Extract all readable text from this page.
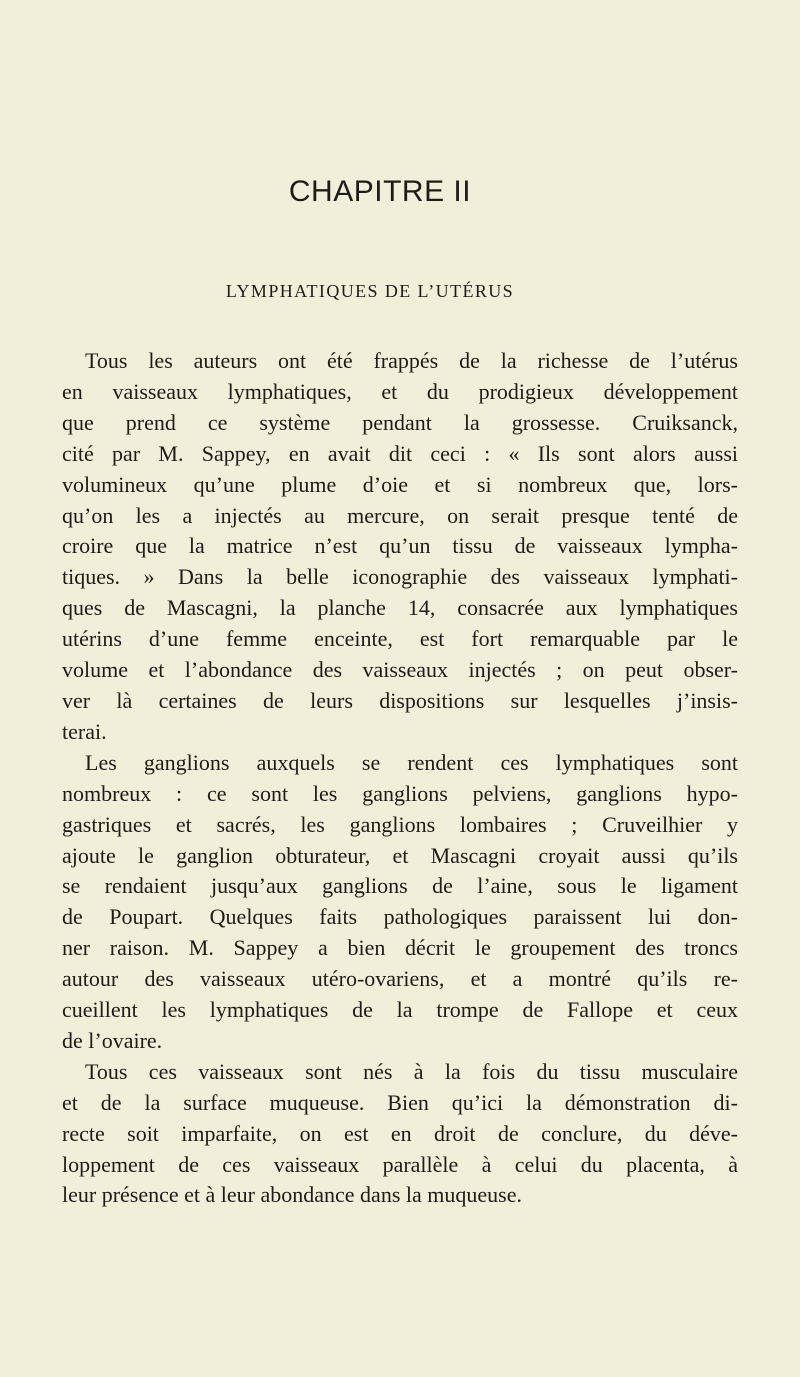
CHAPITRE II
LYMPHATIQUES DE L’UTÉRUS
Tous les auteurs ont été frappés de la richesse de l’utérus
en vaisseaux lymphatiques, et du prodigieux développement
que prend ce système pendant la grossesse. Cruiksanck,
cité par M. Sappey, en avait dit ceci : « Ils sont alors aussi
volumineux qu’une plume d’oie et si nombreux que, lors-
qu’on les a injectés au mercure, on serait presque tenté de
croire que la matrice n’est qu’un tissu de vaisseaux lympha-
tiques. » Dans la belle iconographie des vaisseaux lymphati-
ques de Mascagni, la planche 14, consacrée aux lymphatiques
utérins d’une femme enceinte, est fort remarquable par le
volume et l’abondance des vaisseaux injectés ; on peut obser-
ver là certaines de leurs dispositions sur lesquelles j’insis-
terai.
Les ganglions auxquels se rendent ces lymphatiques sont
nombreux : ce sont les ganglions pelviens, ganglions hypo-
gastriques et sacrés, les ganglions lombaires ; Cruveilhier y
ajoute le ganglion obturateur, et Mascagni croyait aussi qu’ils
se rendaient jusqu’aux ganglions de l’aine, sous le ligament
de Poupart. Quelques faits pathologiques paraissent lui don-
ner raison. M. Sappey a bien décrit le groupement des troncs
autour des vaisseaux utéro-ovariens, et a montré qu’ils re-
cueillent les lymphatiques de la trompe de Fallope et ceux
de l’ovaire.
Tous ces vaisseaux sont nés à la fois du tissu musculaire
et de la surface muqueuse. Bien qu’ici la démonstration di-
recte soit imparfaite, on est en droit de conclure, du déve-
loppement de ces vaisseaux parallèle à celui du placenta, à
leur présence et à leur abondance dans la muqueuse.
